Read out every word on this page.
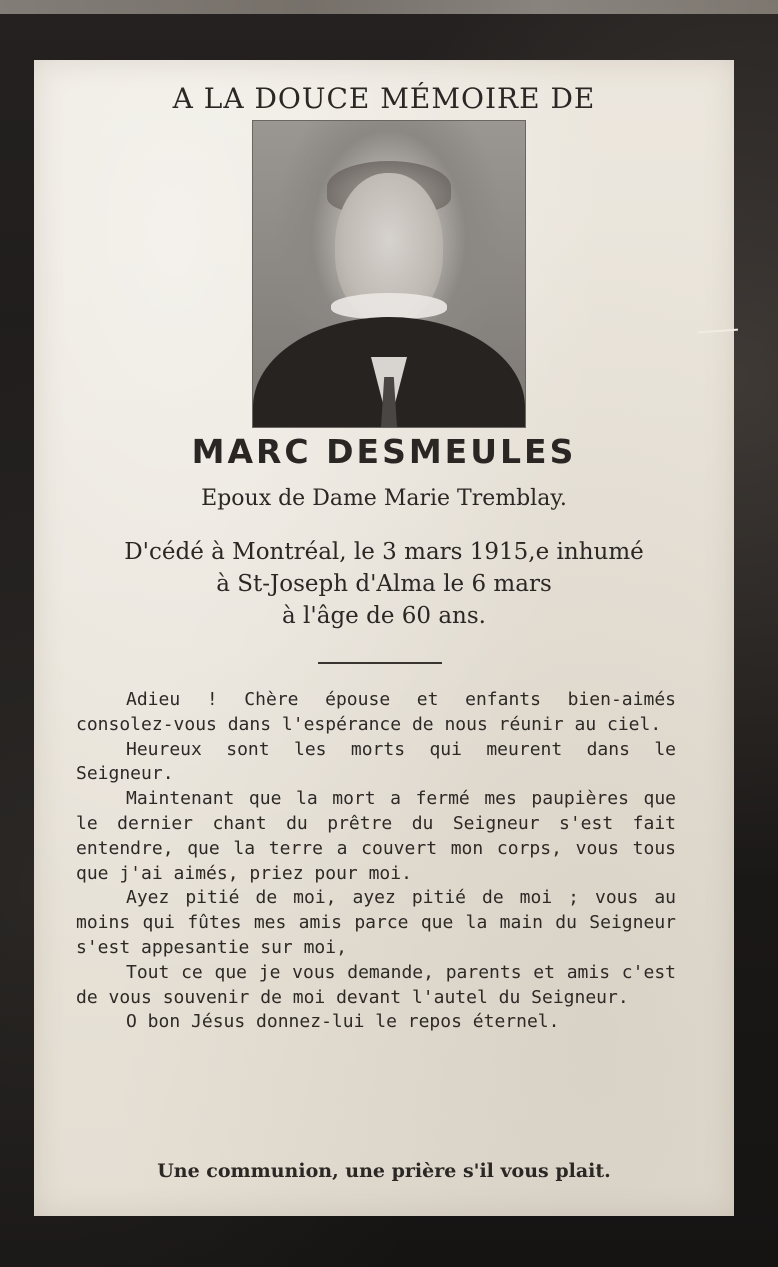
A LA DOUCE MÉMOIRE DE
MARC DESMEULES
Epoux de Dame Marie Tremblay.
D'cédé à Montréal, le 3 mars 1915,e inhumé
à St-Joseph d'Alma le 6 mars
à l'âge de 60 ans.

Adieu ! Chère épouse et enfants bien-aimés consolez-vous dans l'espérance de nous réunir au ciel.

Heureux sont les morts qui meurent dans le Seigneur.

Maintenant que la mort a fermé mes paupières que le dernier chant du prêtre du Seigneur s'est fait entendre, que la terre a couvert mon corps, vous tous que j'ai aimés, priez pour moi.

Ayez pitié de moi, ayez pitié de moi ; vous au moins qui fûtes mes amis parce que la main du Seigneur s'est appesantie sur moi,

Tout ce que je vous demande, parents et amis c'est de vous souvenir de moi devant l'autel du Seigneur.

O bon Jésus donnez-lui le repos éternel.

Une communion, une prière s'il vous plait.
